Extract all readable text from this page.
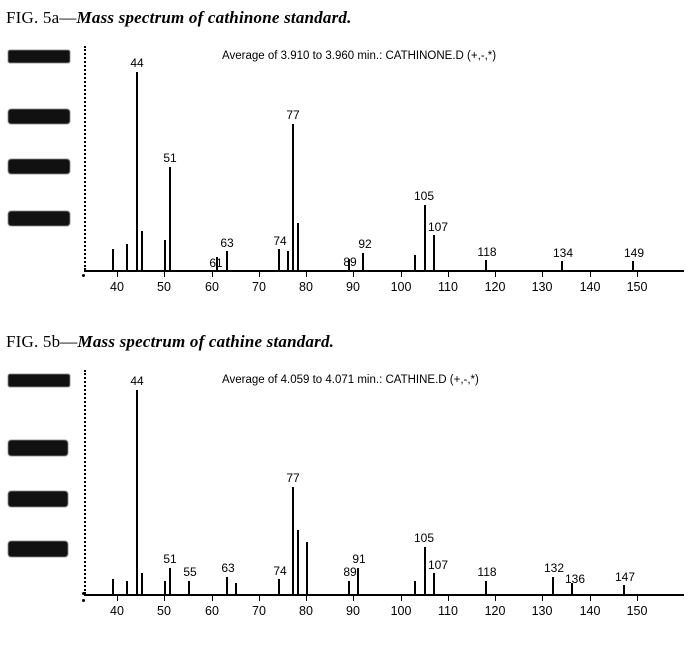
FIG. 5a—Mass spectrum of cathinone standard.
Average of 3.910 to 3.960 min.: CATHINONE.D (+,-,*)
44
51
63
61
74
77
89
92
105
107
118	134	149
40	50	60	70	80	90 100 110 120 130 140 150
FIG. 5b—Mass spectrum of cathine standard.
Average of 4.059 to 4.071 min.: CATHINE.D (+,-,*)
44
51
55 63	74
77
89
91
105
107 118	132
136 147
40	50	60	70	80	90 100 110 120 130 140 150
